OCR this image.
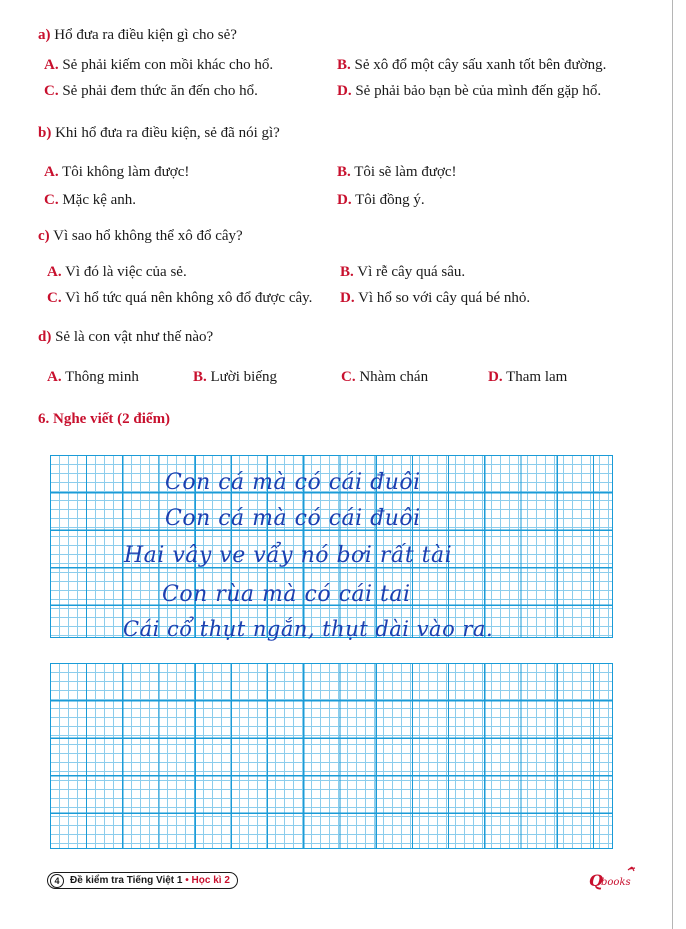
a) Hổ đưa ra điều kiện gì cho sẻ?
A. Sẻ phải kiếm con mồi khác cho hổ.	B. Sẻ xô đổ một cây sấu xanh tốt bên đường.
C. Sẻ phải đem thức ăn đến cho hổ.	D. Sẻ phải bảo bạn bè của mình đến gặp hổ.
b) Khi hổ đưa ra điều kiện, sẻ đã nói gì?
A. Tôi không làm được!	B. Tôi sẽ làm được!
C. Mặc kệ anh.	D. Tôi đồng ý.
c) Vì sao hổ không thể xô đổ cây?
A. Vì đó là việc của sẻ.	B. Vì rễ cây quá sâu.
C. Vì hổ tức quá nên không xô đổ được cây. D. Vì hổ so với cây quá bé nhỏ.
d) Sẻ là con vật như thế nào?
A. Thông minh	B. Lười biếng	C. Nhàm chán	D. Tham lam
6. Nghe viết (2 điểm)
Con cá mà có cái đuôi
Con cá mà có cái đuôi
Hai vây ve vẩy nó bơi rất tài
Con rùa mà có cái tai
Cái cổ thụt ngắn, thụt dài vào ra.
4	Đề kiểm tra Tiếng Việt 1 • Học kì 2	Q
books
